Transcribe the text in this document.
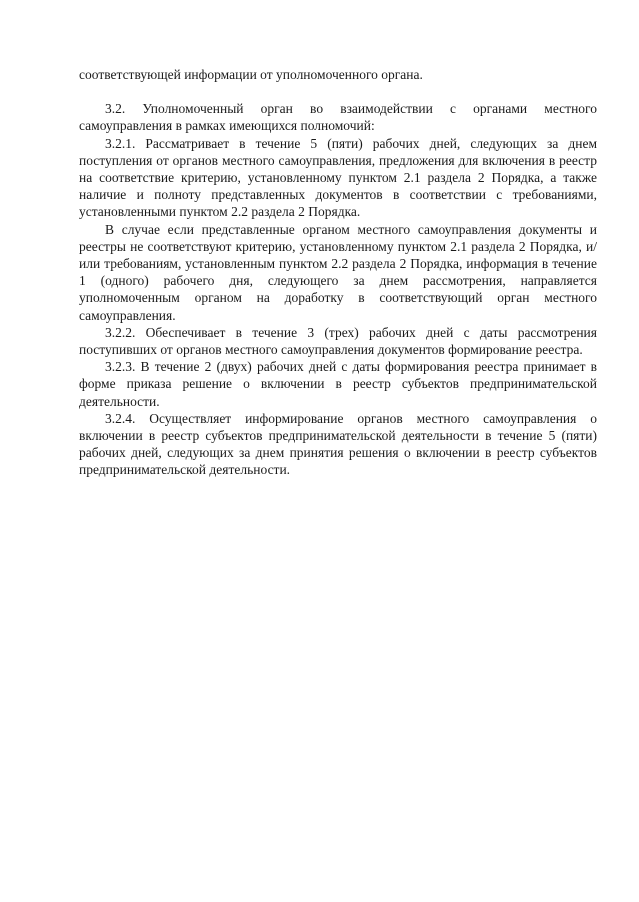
соответствующей информации от уполномоченного органа.

3.2. Уполномоченный орган во взаимодействии с органами местного самоуправления в рамках имеющихся полномочий:

3.2.1. Рассматривает в течение 5 (пяти) рабочих дней, следующих за днем поступления от органов местного самоуправления, предложения для включения в реестр на соответствие критерию, установленному пунктом 2.1 раздела 2 Порядка, а также наличие и полноту представленных документов в соответствии с требованиями, установленными пунктом 2.2 раздела 2 Порядка.

В случае если представленные органом местного самоуправления документы и реестры не соответствуют критерию, установленному пунктом 2.1 раздела 2 Порядка, и/или требованиям, установленным пунктом 2.2 раздела 2 Порядка, информация в течение 1 (одного) рабочего дня, следующего за днем рассмотрения, направляется уполномоченным органом на доработку в соответствующий орган местного самоуправления.

3.2.2. Обеспечивает в течение 3 (трех) рабочих дней с даты рассмотрения поступивших от органов местного самоуправления документов формирование реестра.

3.2.3. В течение 2 (двух) рабочих дней с даты формирования реестра принимает в форме приказа решение о включении в реестр субъектов предпринимательской деятельности.

3.2.4. Осуществляет информирование органов местного самоуправления о включении в реестр субъектов предпринимательской деятельности в течение 5 (пяти) рабочих дней, следующих за днем принятия решения о включении в реестр субъектов предпринимательской деятельности.
